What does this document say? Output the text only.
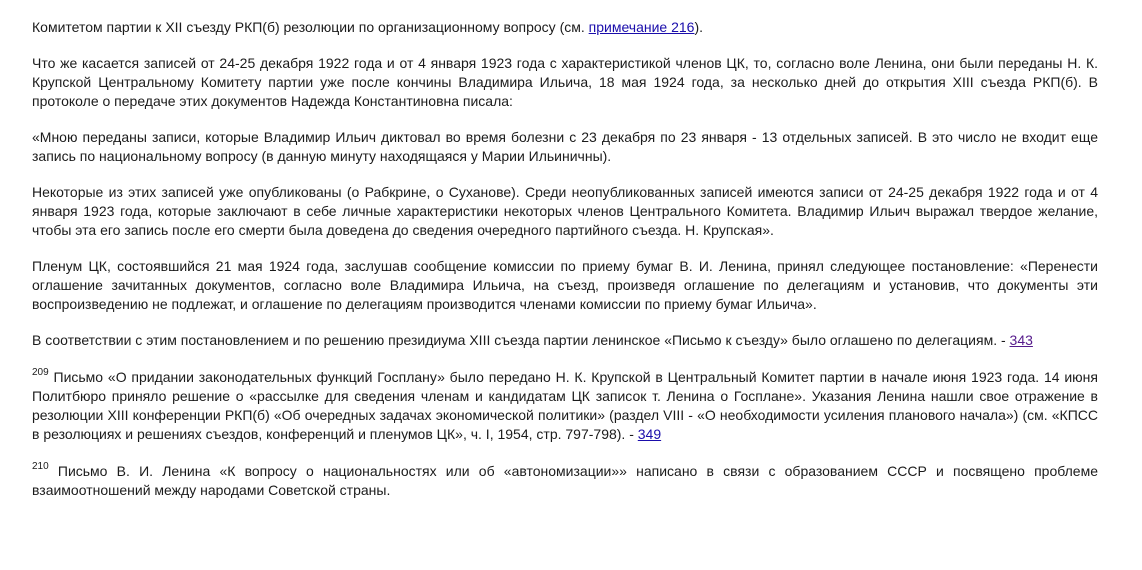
Комитетом партии к XII съезду РКП(б) резолюции по организационному вопросу (см. примечание 216).

Что же касается записей от 24-25 декабря 1922 года и от 4 января 1923 года с характеристикой членов ЦК, то, согласно воле Ленина, они были переданы Н. К. Крупской Центральному Комитету партии уже после кончины Владимира Ильича, 18 мая 1924 года, за несколько дней до открытия XIII съезда РКП(б). В протоколе о передаче этих документов Надежда Константиновна писала:

«Мною переданы записи, которые Владимир Ильич диктовал во время болезни с 23 декабря по 23 января - 13 отдельных записей. В это число не входит еще запись по национальному вопросу (в данную минуту находящаяся у Марии Ильиничны).

Некоторые из этих записей уже опубликованы (о Рабкрине, о Суханове). Среди неопубликованных записей имеются записи от 24-25 декабря 1922 года и от 4 января 1923 года, которые заключают в себе личные характеристики некоторых членов Центрального Комитета. Владимир Ильич выражал твердое желание, чтобы эта его запись после его смерти была доведена до сведения очередного партийного съезда. Н. Крупская».

Пленум ЦК, состоявшийся 21 мая 1924 года, заслушав сообщение комиссии по приему бумаг В. И. Ленина, принял следующее постановление: «Перенести оглашение зачитанных документов, согласно воле Владимира Ильича, на съезд, произведя оглашение по делегациям и установив, что документы эти воспроизведению не подлежат, и оглашение по делегациям производится членами комиссии по приему бумаг Ильича».

В соответствии с этим постановлением и по решению президиума XIII съезда партии ленинское «Письмо к съезду» было оглашено по делегациям. - 343

$^{209}$ Письмо «О придании законодательных функций Госплану» было передано Н. К. Крупской в Центральный Комитет партии в начале июня 1923 года. 14 июня Политбюро приняло решение о «рассылке для сведения членам и кандидатам ЦК записок т. Ленина о Госплане». Указания Ленина нашли свое отражение в резолюции XIII конференции РКП(б) «Об очередных задачах экономической политики» (раздел VIII - «О необходимости усиления планового начала») (см. «КПСС в резолюциях и решениях съездов, конференций и пленумов ЦК», ч. I, 1954, стр. 797-798). - 349

$^{210}$ Письмо В. И. Ленина «К вопросу о национальностях или об «автономизации»» написано в связи с образованием СССР и посвящено проблеме взаимоотношений между народами Советской страны.
